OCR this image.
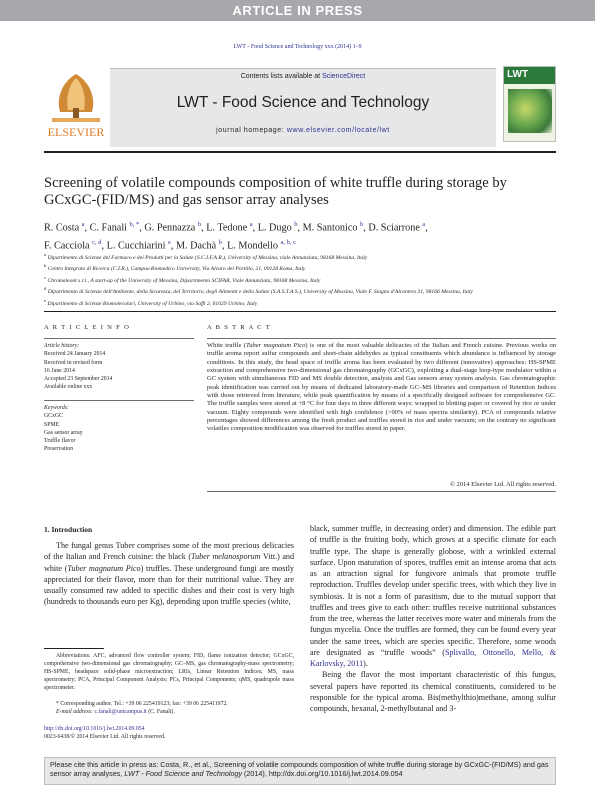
ARTICLE IN PRESS
LWT - Food Science and Technology xxx (2014) 1–9
ELSEVIER
Contents lists available at ScienceDirect
LWT - Food Science and Technology
journal homepage: www.elsevier.com/locate/lwt
LWT
Screening of volatile compounds composition of white truffle during storage by GCxGC-(FID/MS) and gas sensor array analyses
R. Costa $^a$, C. Fanali $^{b, *}$, G. Pennazza $^b$, L. Tedone $^a$, L. Dugo $^b$, M. Santonico $^b$, D. Sciarrone $^a$,
F. Cacciola $^{c, d}$, L. Cucchiarini $^e$, M. Dachà $^b$, L. Mondello $^{a, b, c}$
$^a$ Dipartimento di Scienze del Farmaco e dei Prodotti per la Salute (S.C.I.F.A.R.), University of Messina, viale Annunziata, 98168 Messina, Italy
$^b$ Centro Integrato di Ricerca (C.I.R.), Campus-Biomedico University, Via Alvaro del Portillo, 21, 00128 Roma, Italy
$^c$ Chromaleont s.r.l., A start-up of the University of Messina, Dipartimento SCIFAR, Viale Annunziata, 98168 Messina, Italy
$^d$ Dipartimento di Scienze dell'Ambiente, della Sicurezza, del Territorio, degli Alimenti e della Salute (S.A.S.T.A.S.), University of Messina, Viale F. Stagno d'Alcontres 31, 98166 Messina, Italy
$^e$ Dipartimento di Scienze Biomolecolari, University of Urbino, via Saffi 2, 61029 Urbino, Italy
A R T I C L E I N F O
Article history:
Received 24 January 2014
Received in revised form
16 June 2014
Accepted 23 September 2014
Available online xxx
Keywords:
GCxGC
SPME
Gas sensor array
Truffle flavor
Preservation
A B S T R A C T
White truffle (Tuber magnatum Pico) is one of the most valuable delicacies of the Italian and French cuisine. Previous works on truffle aroma report sulfur compounds and short-chain aldehydes as typical constituents which abundance is influenced by storage conditions. In this study, the head space of truffle aroma has been evaluated by two different (innovative) approaches: HS-SPME extraction and comprehensive two-dimensional gas chromatography (GCxGC), exploiting a dual-stage loop-type modulator within a GC system with simultaneous FID and MS double detection, analysis and Gas sensors array system analysis. Gas chromatographic peak identification was carried out by means of dedicated laboratory-made GC–MS libraries and comparison of Retention Indices with those retrieved from literature, while peak quantification by means of a specifically designed software for comprehensive GC. The truffle samples were stored at +8 °C for four days in three different ways: wrapped in blotting paper or covered by rice or under vacuum. Eighty compounds were identified with high confidence (>90% of mass spectra similarity). PCA of compounds relative percentages showed differences among the fresh product and truffles stored in rice and under vacuum; on the contrary no significant volatiles composition modification was observed for truffles stored in paper.
© 2014 Elsevier Ltd. All rights reserved.
1. Introduction
The fungal genus Tuber comprises some of the most precious delicacies of the Italian and French cuisine: the black (Tuber melanosporum Vitt.) and white (Tuber magnatum Pico) truffles. These underground fungi are mostly appreciated for their flavor, more than for their nutritional value. They are usually consumed raw added to specific dishes and their cost is very high (hundreds to thousands euro per Kg), depending upon truffle species (white,
black, summer truffle, in decreasing order) and dimension. The edible part of truffle is the fruiting body, which grows at a specific climate for each truffle type. The shape is generally globose, with a wrinkled external surface. Upon maturation of spores, truffles emit an intense aroma that acts as an attraction signal for fungivore animals that promote truffle reproduction. Truffles develop under specific trees, with which they live in symbiosis. It is not a form of parasitism, due to the mutual support that truffles and trees give to each other: truffles receive nutritional substances from the tree, whereas the latter receives more water and minerals from the fungus mycelia. Once the truffles are formed, they can be found every year under the same trees, which are species specific. Therefore, some woods are designated as “truffle woods” (Splivallo, Ottonello, Mello, & Karlovsky, 2011).
Being the flavor the most important characteristic of this fungus, several papers have reported its chemical constituents, considered to be responsible for the typical aroma. Bis(methylthio)methane, among sulfur compounds, hexanal, 2-methylbutanal and 3-
Abbreviations: AFC, advanced flow controller system; FID, flame ionization detector; GCxGC, comprehensive two-dimensional gas chromatography; GC–MS, gas chromatography-mass spectrometry; HS-SPME, headspace solid-phase microextraction; LRIs, Linear Retention Indices; MS, mass spectrometry; PCA, Principal Component Analysis; PCs, Principal Components; qMS, quadrupole mass spectrometer.
* Corresponding author. Tel.: +39 06 225419123; fax: +39 06 225411972.
E-mail address: c.fanali@unicampus.it (C. Fanali).
http://dx.doi.org/10.1016/j.lwt.2014.09.054
0023-6438/© 2014 Elsevier Ltd. All rights reserved.
Please cite this article in press as: Costa, R., et al., Screening of volatile compounds composition of white truffle during storage by GCxGC-(FID/MS) and gas sensor array analyses, LWT - Food Science and Technology (2014), http://dx.doi.org/10.1016/j.lwt.2014.09.054
